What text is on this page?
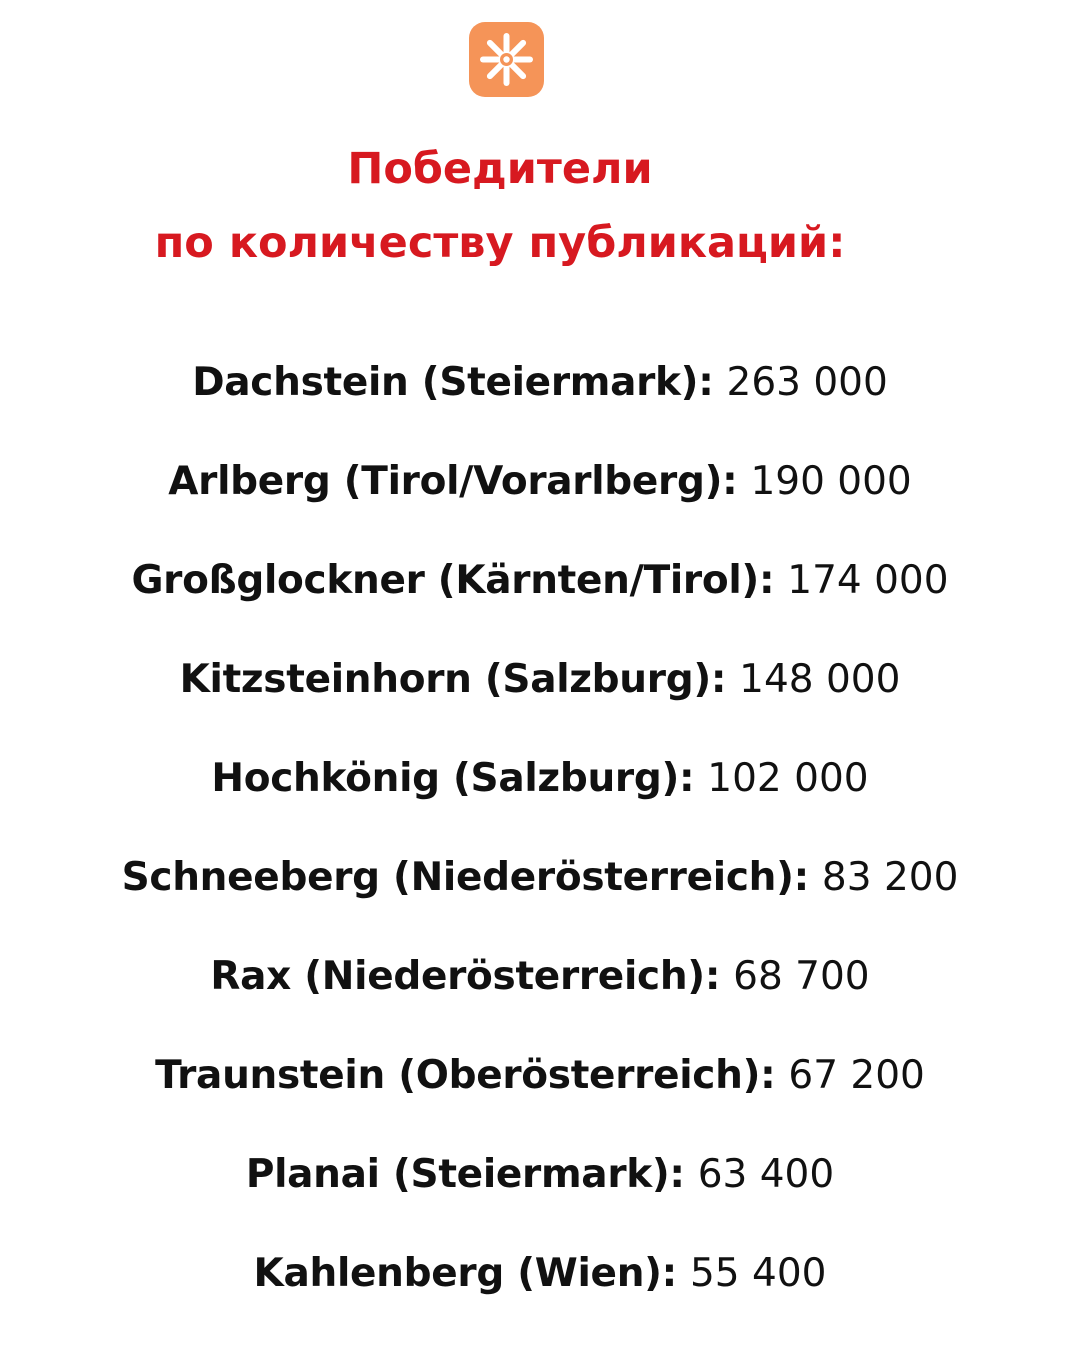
Победители
по количеству публикаций:
Dachstein (Steiermark): 263 000
Arlberg (Tirol/Vorarlberg): 190 000
Großglockner (Kärnten/Tirol): 174 000
Kitzsteinhorn (Salzburg): 148 000
Hochkönig (Salzburg): 102 000
Schneeberg (Niederösterreich): 83 200
Rax (Niederösterreich): 68 700
Traunstein (Oberösterreich): 67 200
Planai (Steiermark): 63 400
Kahlenberg (Wien): 55 400
